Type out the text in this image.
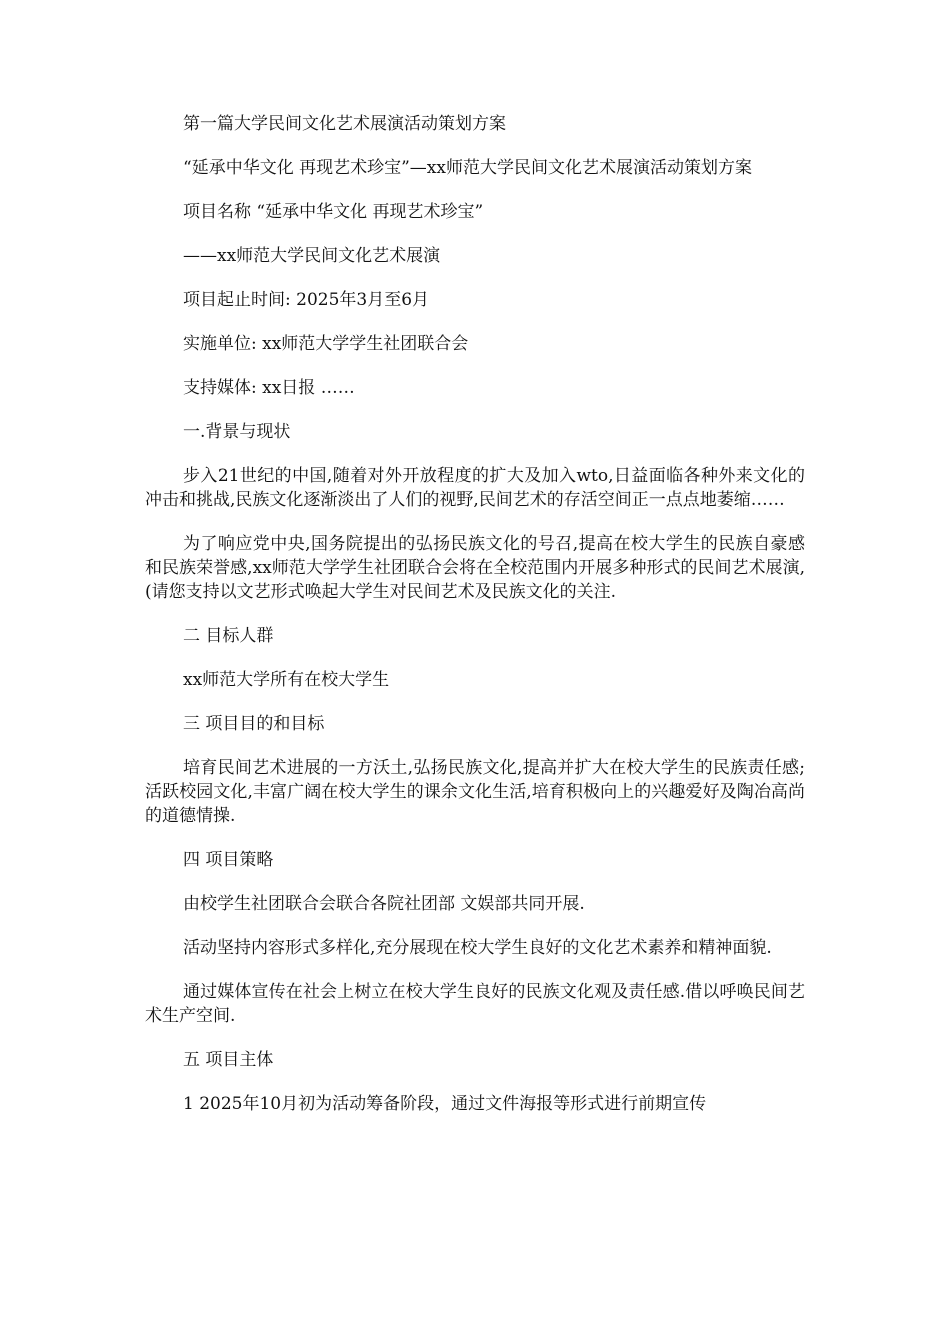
第一篇大学民间文化艺术展演活动策划方案

“延承中华文化 再现艺术珍宝”—xx师范大学民间文化艺术展演活动策划方案

项目名称 “延承中华文化 再现艺术珍宝”

——xx师范大学民间文化艺术展演

项目起止时间: 2025年3月至6月

实施单位: xx师范大学学生社团联合会

支持媒体: xx日报 ……

一.背景与现状

步入21世纪的中国,随着对外开放程度的扩大及加入wto,日益面临各种外来文化的冲击和挑战,民族文化逐渐淡出了人们的视野,民间艺术的存活空间正一点点地萎缩……

为了响应党中央,国务院提出的弘扬民族文化的号召,提高在校大学生的民族自豪感和民族荣誉感,xx师范大学学生社团联合会将在全校范围内开展多种形式的民间艺术展演,(请您支持以文艺形式唤起大学生对民间艺术及民族文化的关注.

二 目标人群

xx师范大学所有在校大学生

三 项目目的和目标

培育民间艺术进展的一方沃土,弘扬民族文化,提高并扩大在校大学生的民族责任感;活跃校园文化,丰富广阔在校大学生的课余文化生活,培育积极向上的兴趣爱好及陶冶高尚的道德情操.

四 项目策略

由校学生社团联合会联合各院社团部 文娱部共同开展.

活动坚持内容形式多样化,充分展现在校大学生良好的文化艺术素养和精神面貌.

通过媒体宣传在社会上树立在校大学生良好的民族文化观及责任感.借以呼唤民间艺术生产空间.

五 项目主体

1 2025年10月初为活动筹备阶段，通过文件海报等形式进行前期宣传
